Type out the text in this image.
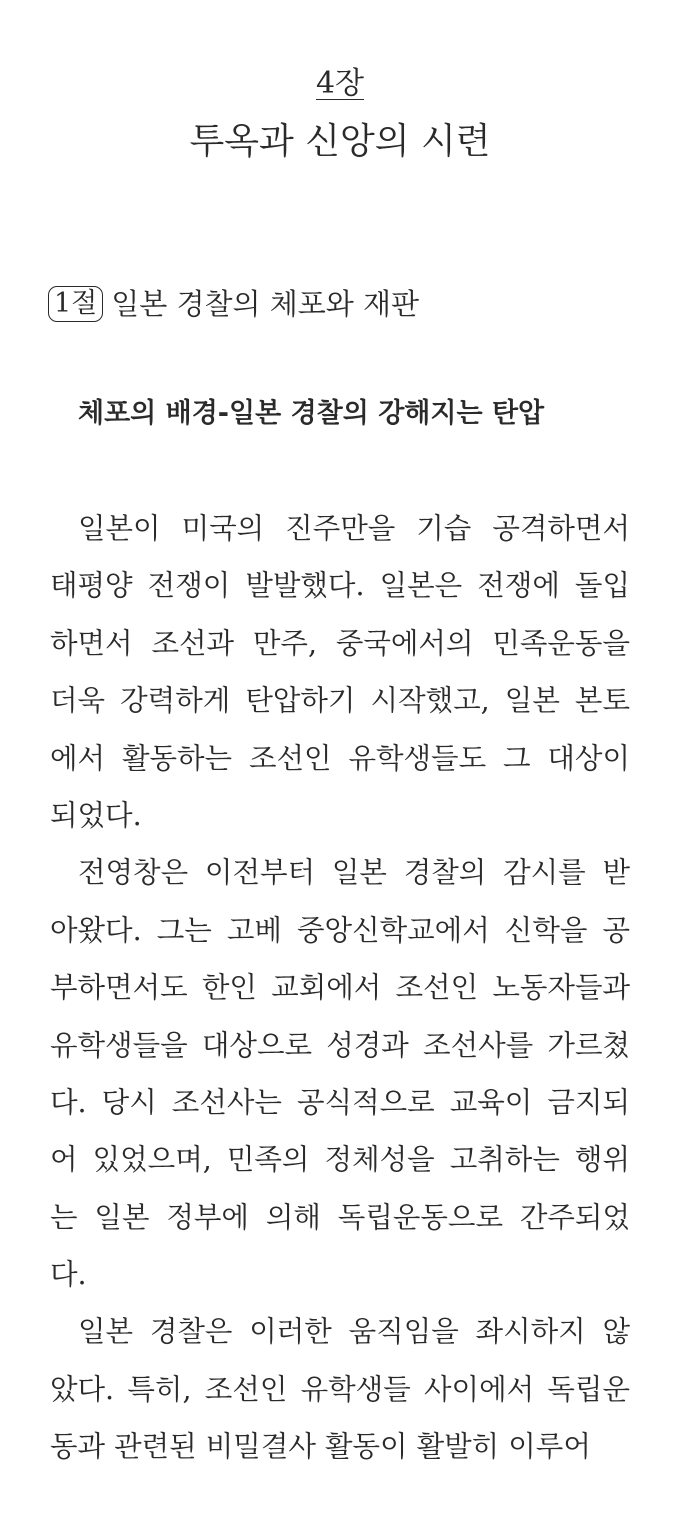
4장
투옥과 신앙의 시련
1절 일본 경찰의 체포와 재판
체포의 배경-일본 경찰의 강해지는 탄압
일본이 미국의 진주만을 기습 공격하면서
태평양 전쟁이 발발했다. 일본은 전쟁에 돌입
하면서 조선과 만주, 중국에서의 민족운동을
더욱 강력하게 탄압하기 시작했고, 일본 본토
에서 활동하는 조선인 유학생들도 그 대상이
되었다.
전영창은 이전부터 일본 경찰의 감시를 받
아왔다. 그는 고베 중앙신학교에서 신학을 공
부하면서도 한인 교회에서 조선인 노동자들과
유학생들을 대상으로 성경과 조선사를 가르쳤
다. 당시 조선사는 공식적으로 교육이 금지되
어 있었으며, 민족의 정체성을 고취하는 행위
는 일본 정부에 의해 독립운동으로 간주되었
다.
일본 경찰은 이러한 움직임을 좌시하지 않
았다. 특히, 조선인 유학생들 사이에서 독립운
동과 관련된 비밀결사 활동이 활발히 이루어
